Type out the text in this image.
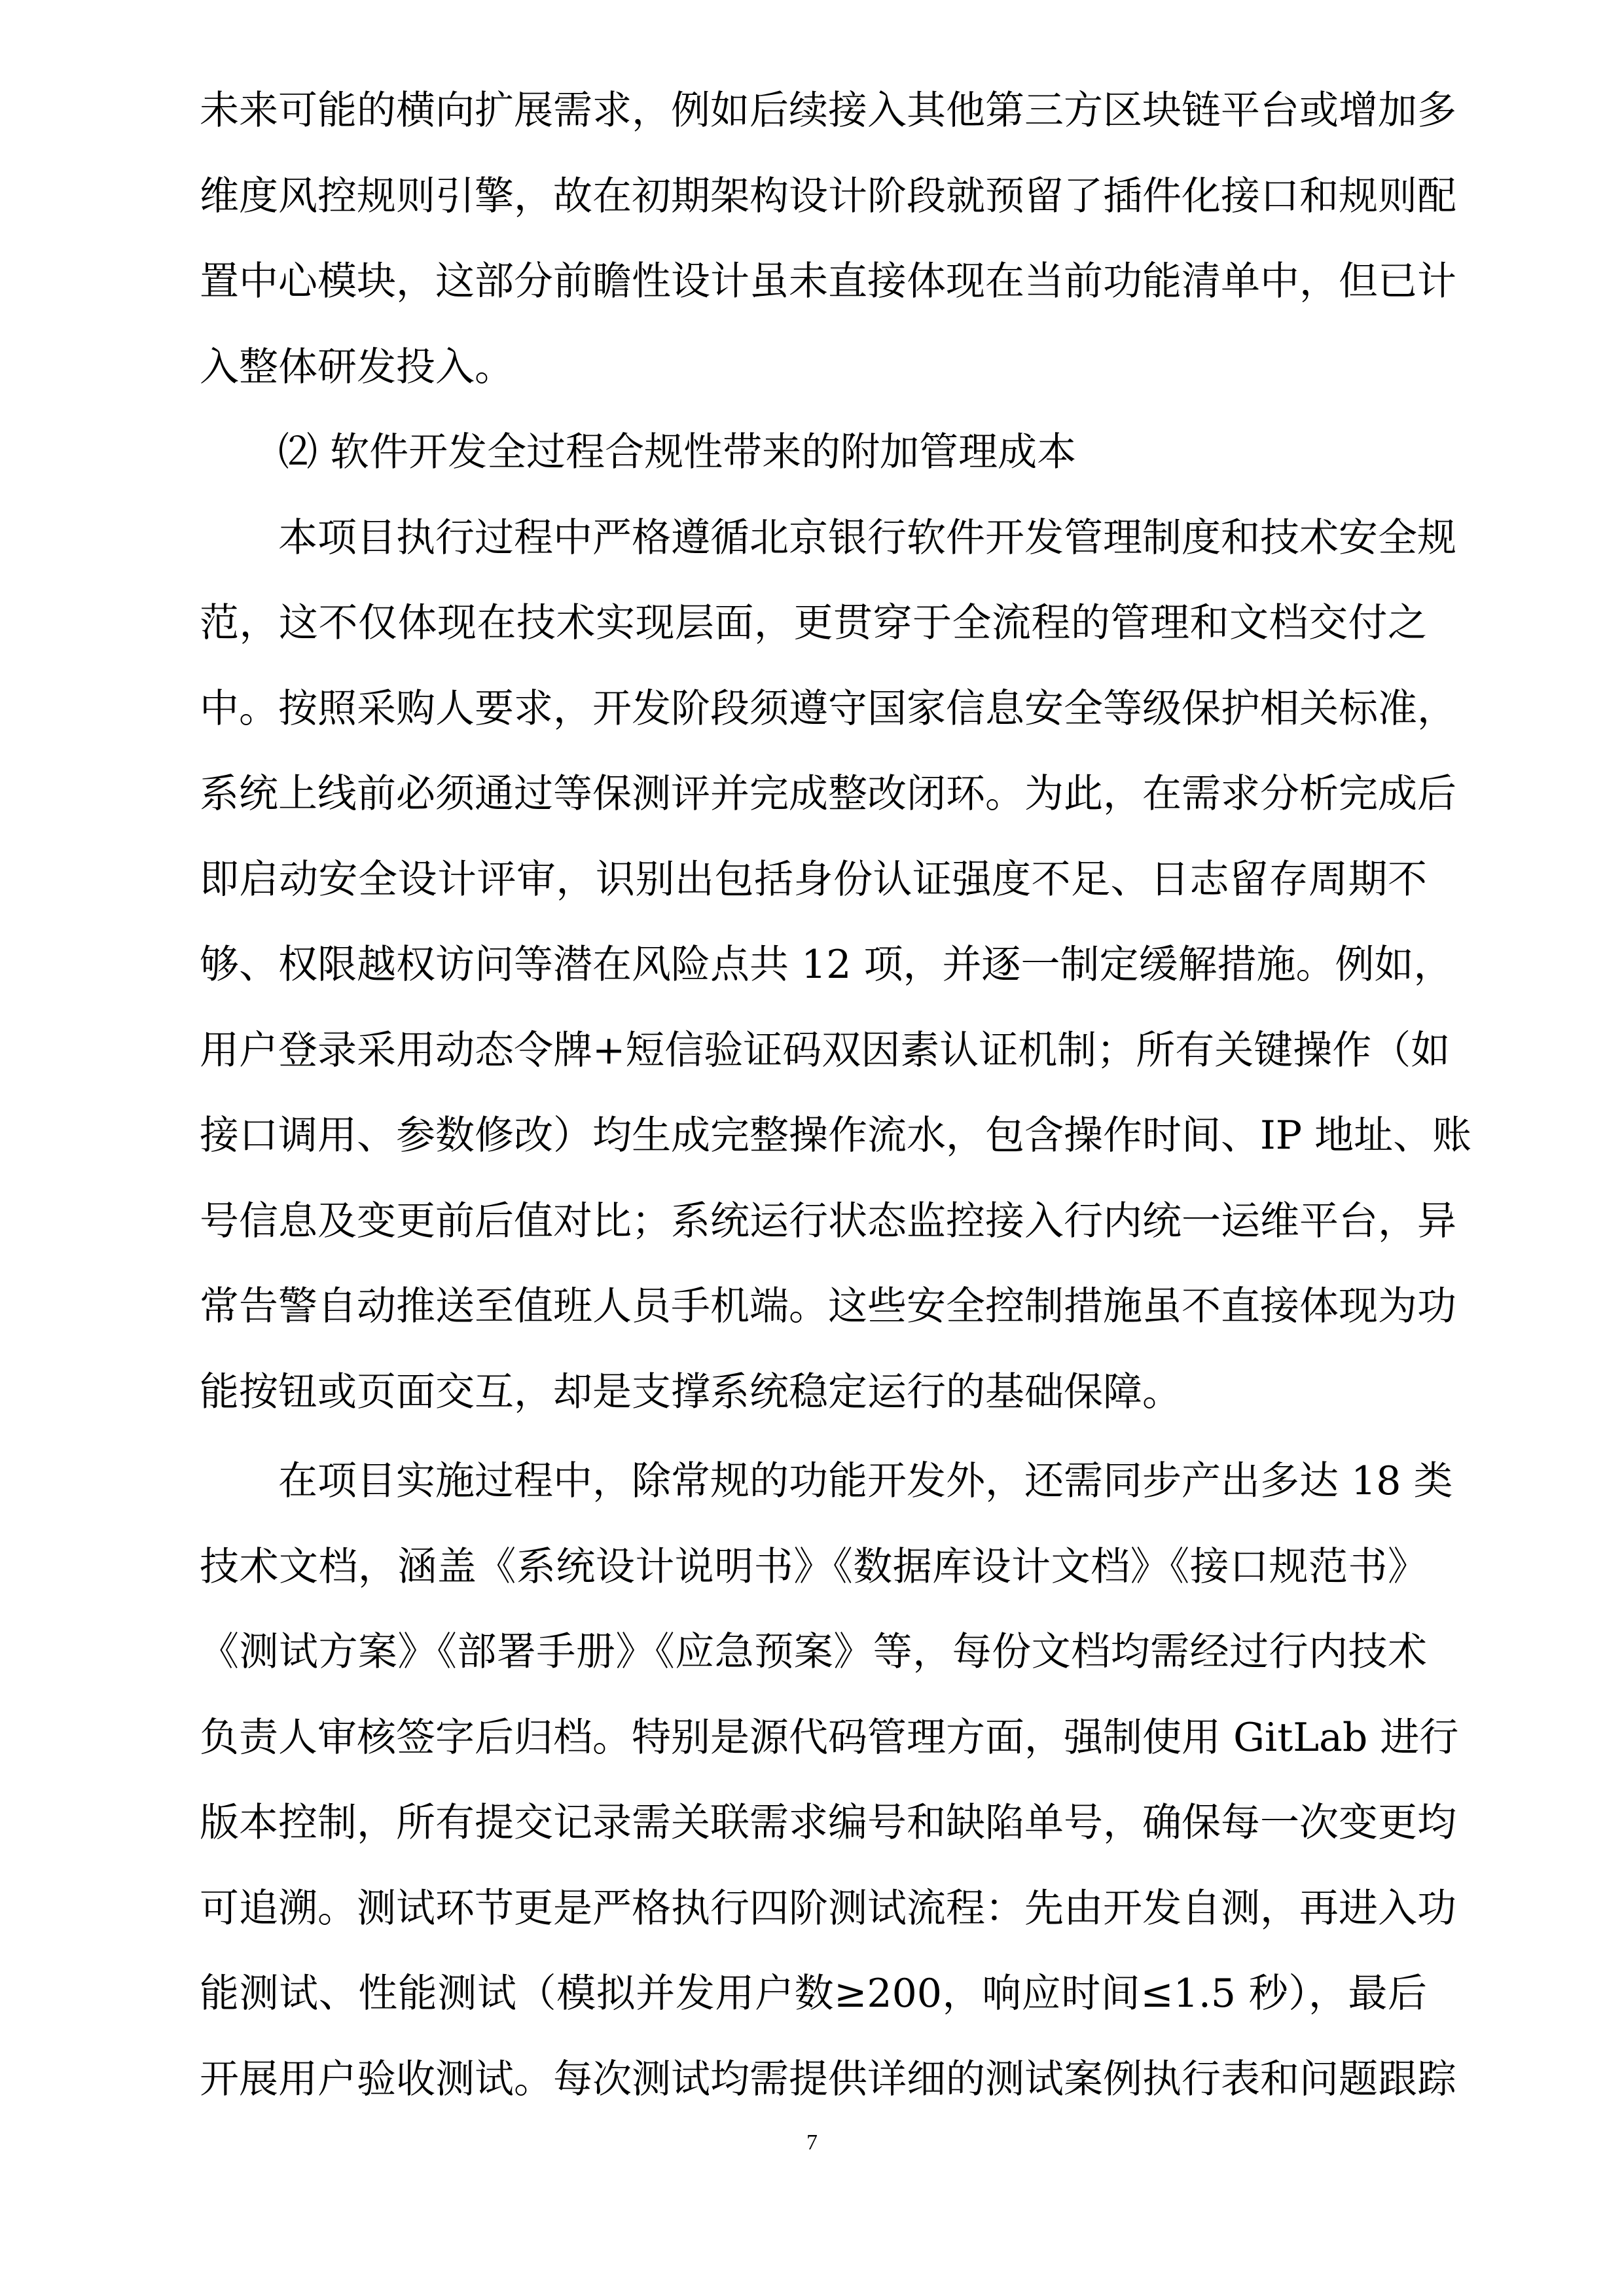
未来可能的横向扩展需求，例如后续接入其他第三方区块链平台或增加多
维度风控规则引擎，故在初期架构设计阶段就预留了插件化接口和规则配
置中心模块，这部分前瞻性设计虽未直接体现在当前功能清单中，但已计
入整体研发投入。
⑵ 软件开发全过程合规性带来的附加管理成本
本项目执行过程中严格遵循北京银行软件开发管理制度和技术安全规
范，这不仅体现在技术实现层面，更贯穿于全流程的管理和文档交付之
中。按照采购人要求，开发阶段须遵守国家信息安全等级保护相关标准，
系统上线前必须通过等保测评并完成整改闭环。为此，在需求分析完成后
即启动安全设计评审，识别出包括身份认证强度不足、日志留存周期不
够、权限越权访问等潜在风险点共 12 项，并逐一制定缓解措施。例如，
用户登录采用动态令牌+短信验证码双因素认证机制；所有关键操作（如
接口调用、参数修改）均生成完整操作流水，包含操作时间、IP 地址、账
号信息及变更前后值对比；系统运行状态监控接入行内统一运维平台，异
常告警自动推送至值班人员手机端。这些安全控制措施虽不直接体现为功
能按钮或页面交互，却是支撑系统稳定运行的基础保障。
在项目实施过程中，除常规的功能开发外，还需同步产出多达 18 类
技术文档，涵盖《系统设计说明书》《数据库设计文档》《接口规范书》
《测试方案》《部署手册》《应急预案》等，每份文档均需经过行内技术
负责人审核签字后归档。特别是源代码管理方面，强制使用 GitLab 进行
版本控制，所有提交记录需关联需求编号和缺陷单号，确保每一次变更均
可追溯。测试环节更是严格执行四阶测试流程：先由开发自测，再进入功
能测试、性能测试（模拟并发用户数≥200，响应时间≤1.5 秒），最后
开展用户验收测试。每次测试均需提供详细的测试案例执行表和问题跟踪
7
